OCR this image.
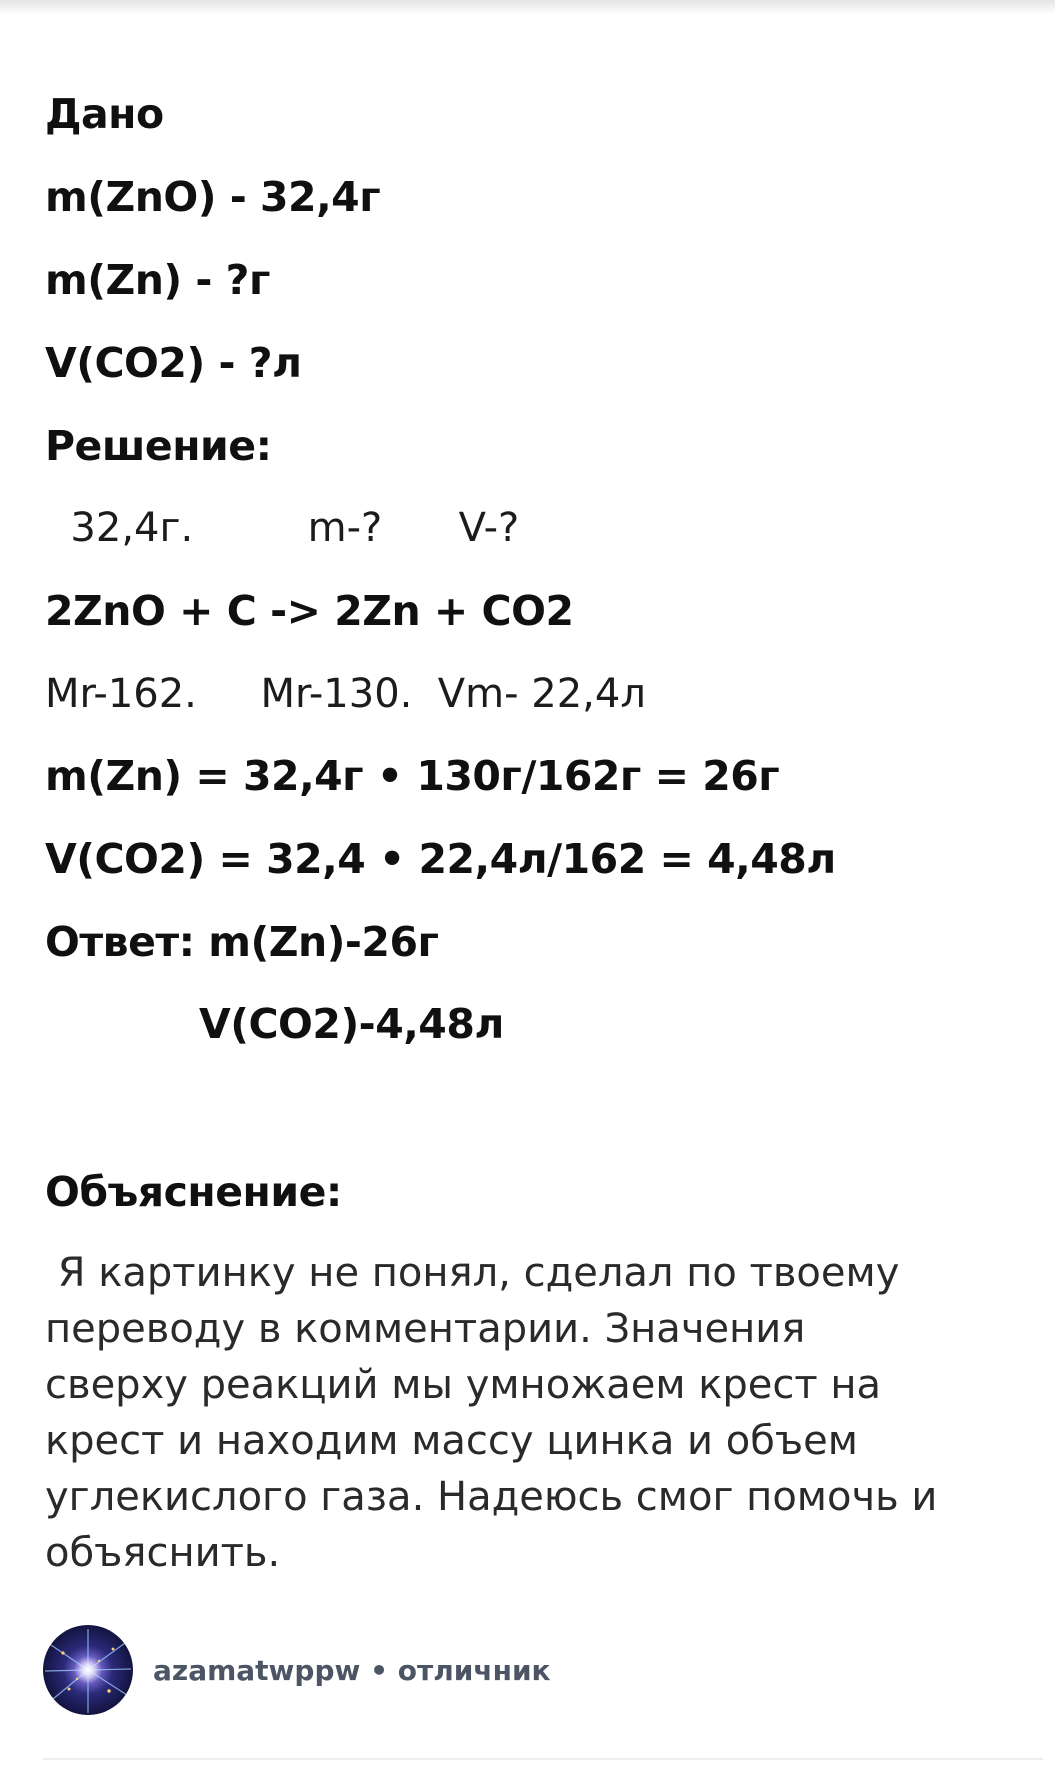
Дано
m(ZnO) - 32,4г
m(Zn) - ?г
V(CO2) - ?л
Решение:
32,4г.         m-?      V-?
2ZnO + C -> 2Zn + CO2
Mr-162.     Mr-130.  Vm- 22,4л
m(Zn) = 32,4г • 130г/162г = 26г
V(CO2) = 32,4 • 22,4л/162 = 4,48л
Ответ: m(Zn)-26г
V(CO2)-4,48л
Объяснение:

Я картинку не понял, сделал по твоему
переводу в комментарии. Значения
сверху реакций мы умножаем крест на
крест и находим массу цинка и объем
углекислого газа. Надеюсь смог помочь и
объяснить.

azamatwppw • отличник
